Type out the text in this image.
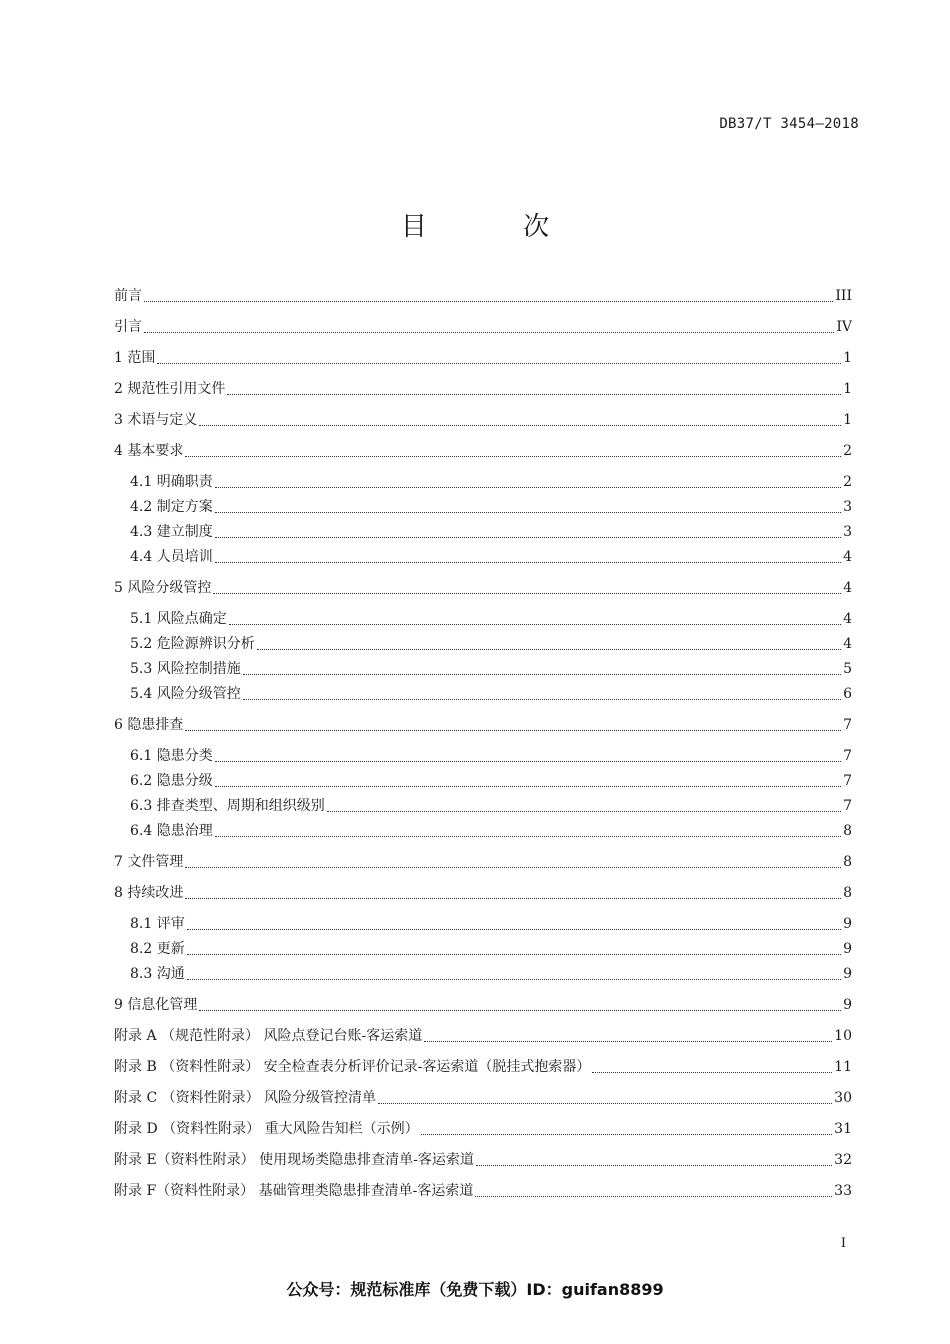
DB37/T 3454—2018
目 次
前言	III
引言	IV
1 范围	1
2 规范性引用文件	1
3 术语与定义	1
4 基本要求	2
4.1 明确职责	2
4.2 制定方案	3
4.3 建立制度	3
4.4 人员培训	4
5 风险分级管控	4
5.1 风险点确定	4
5.2 危险源辨识分析	4
5.3 风险控制措施	5
5.4 风险分级管控	6
6 隐患排查	7
6.1 隐患分类	7
6.2 隐患分级	7
6.3 排查类型、周期和组织级别	7
6.4 隐患治理	8
7 文件管理	8
8 持续改进	8
8.1 评审	9
8.2 更新	9
8.3 沟通	9
9 信息化管理	9
附录 A （规范性附录） 风险点登记台账-客运索道	10
附录 B （资料性附录） 安全检查表分析评价记录-客运索道（脱挂式抱索器）	11
附录 C （资料性附录） 风险分级管控清单	30
附录 D （资料性附录） 重大风险告知栏（示例）	31
附录 E（资料性附录） 使用现场类隐患排查清单-客运索道	32
附录 F（资料性附录） 基础管理类隐患排查清单-客运索道	33
I
公众号：规范标准库（免费下载）ID：guifan8899
